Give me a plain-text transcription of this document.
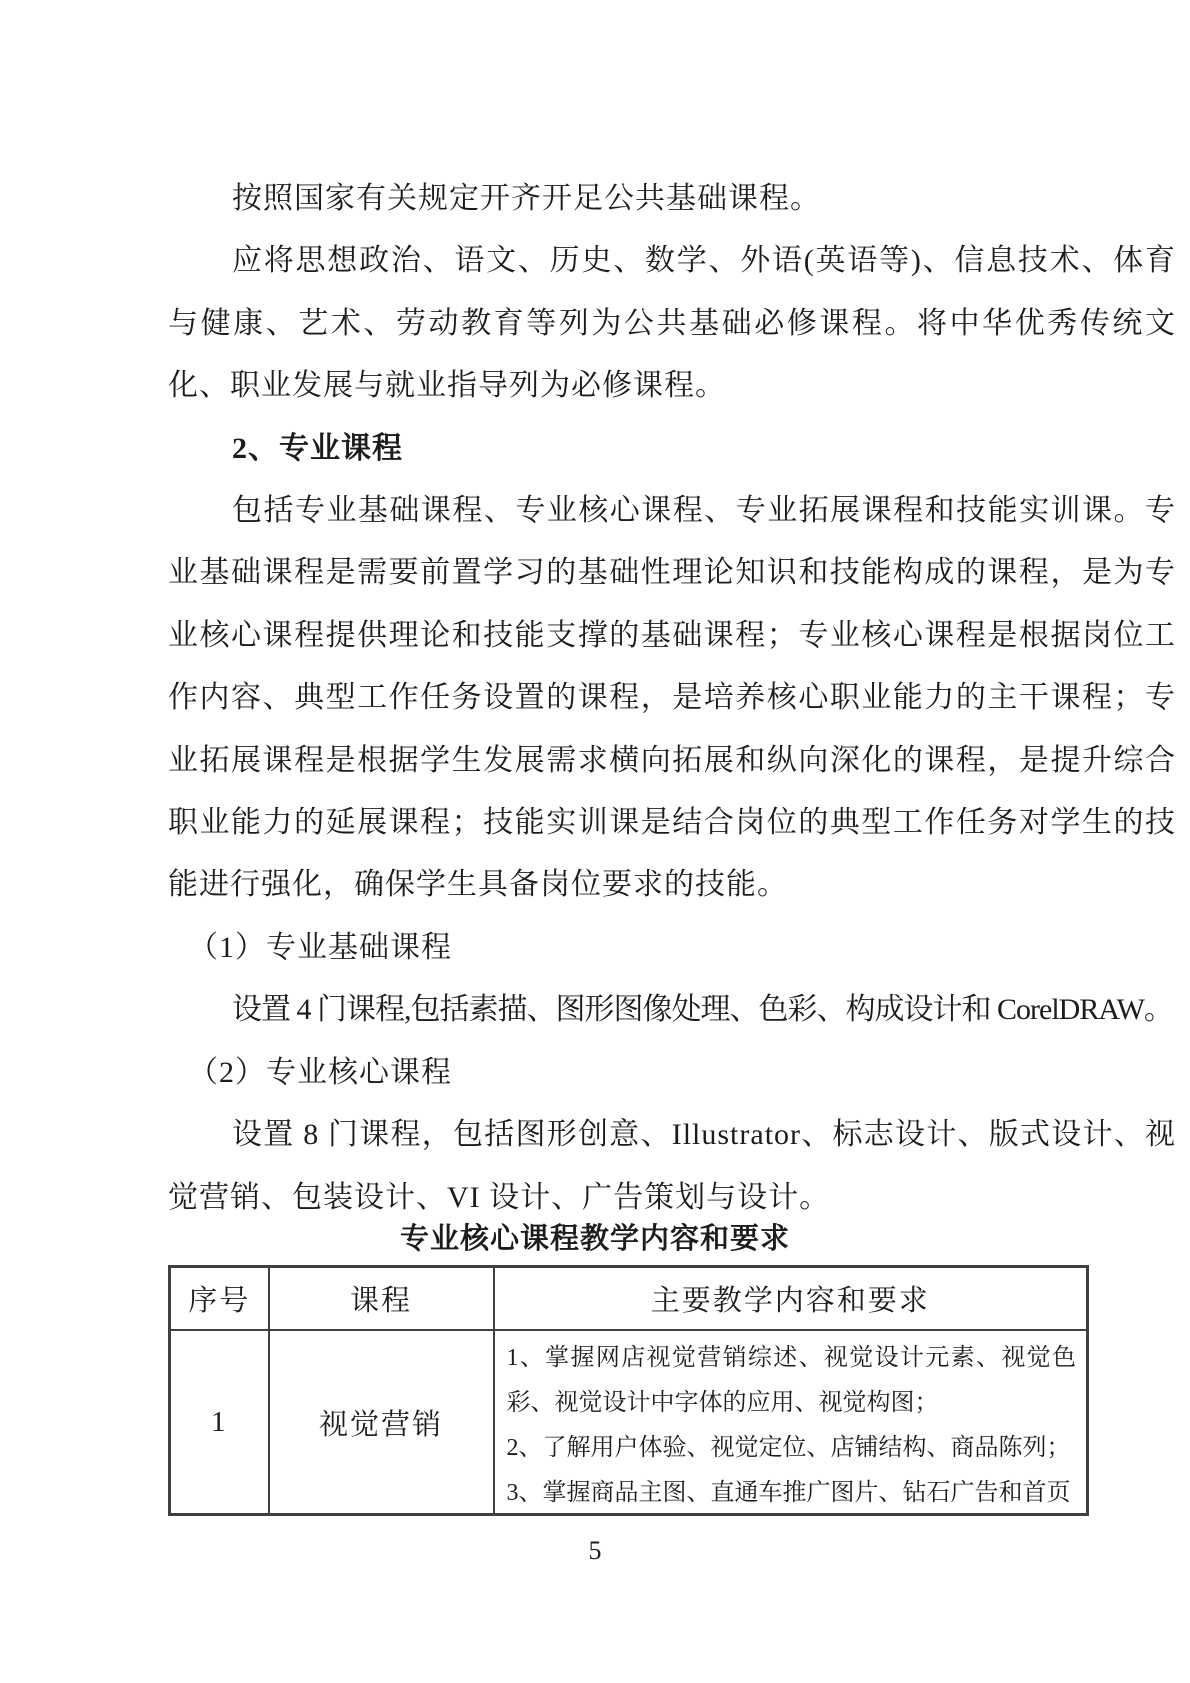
按照国家有关规定开齐开足公共基础课程。

应将思想政治、语文、历史、数学、外语(英语等)、信息技术、体育与健康、艺术、劳动教育等列为公共基础必修课程。将中华优秀传统文化、职业发展与就业指导列为必修课程。

2、专业课程

包括专业基础课程、专业核心课程、专业拓展课程和技能实训课。专业基础课程是需要前置学习的基础性理论知识和技能构成的课程，是为专业核心课程提供理论和技能支撑的基础课程；专业核心课程是根据岗位工作内容、典型工作任务设置的课程，是培养核心职业能力的主干课程；专业拓展课程是根据学生发展需求横向拓展和纵向深化的课程，是提升综合职业能力的延展课程；技能实训课是结合岗位的典型工作任务对学生的技能进行强化，确保学生具备岗位要求的技能。

（1）专业基础课程

设置 4 门课程,包括素描、图形图像处理、色彩、构成设计和 CorelDRAW。

（2）专业核心课程

设置 8 门课程，包括图形创意、Illustrator、标志设计、版式设计、视觉营销、包装设计、VI 设计、广告策划与设计。

专业核心课程教学内容和要求
序号	课程	主要教学内容和要求
1	视觉营销	1、掌握网店视觉营销综述、视觉设计元素、视觉色彩、视觉设计中字体的应用、视觉构图；
2、了解用户体验、视觉定位、店铺结构、商品陈列；
3、掌握商品主图、直通车推广图片、钻石广告和首页
5
